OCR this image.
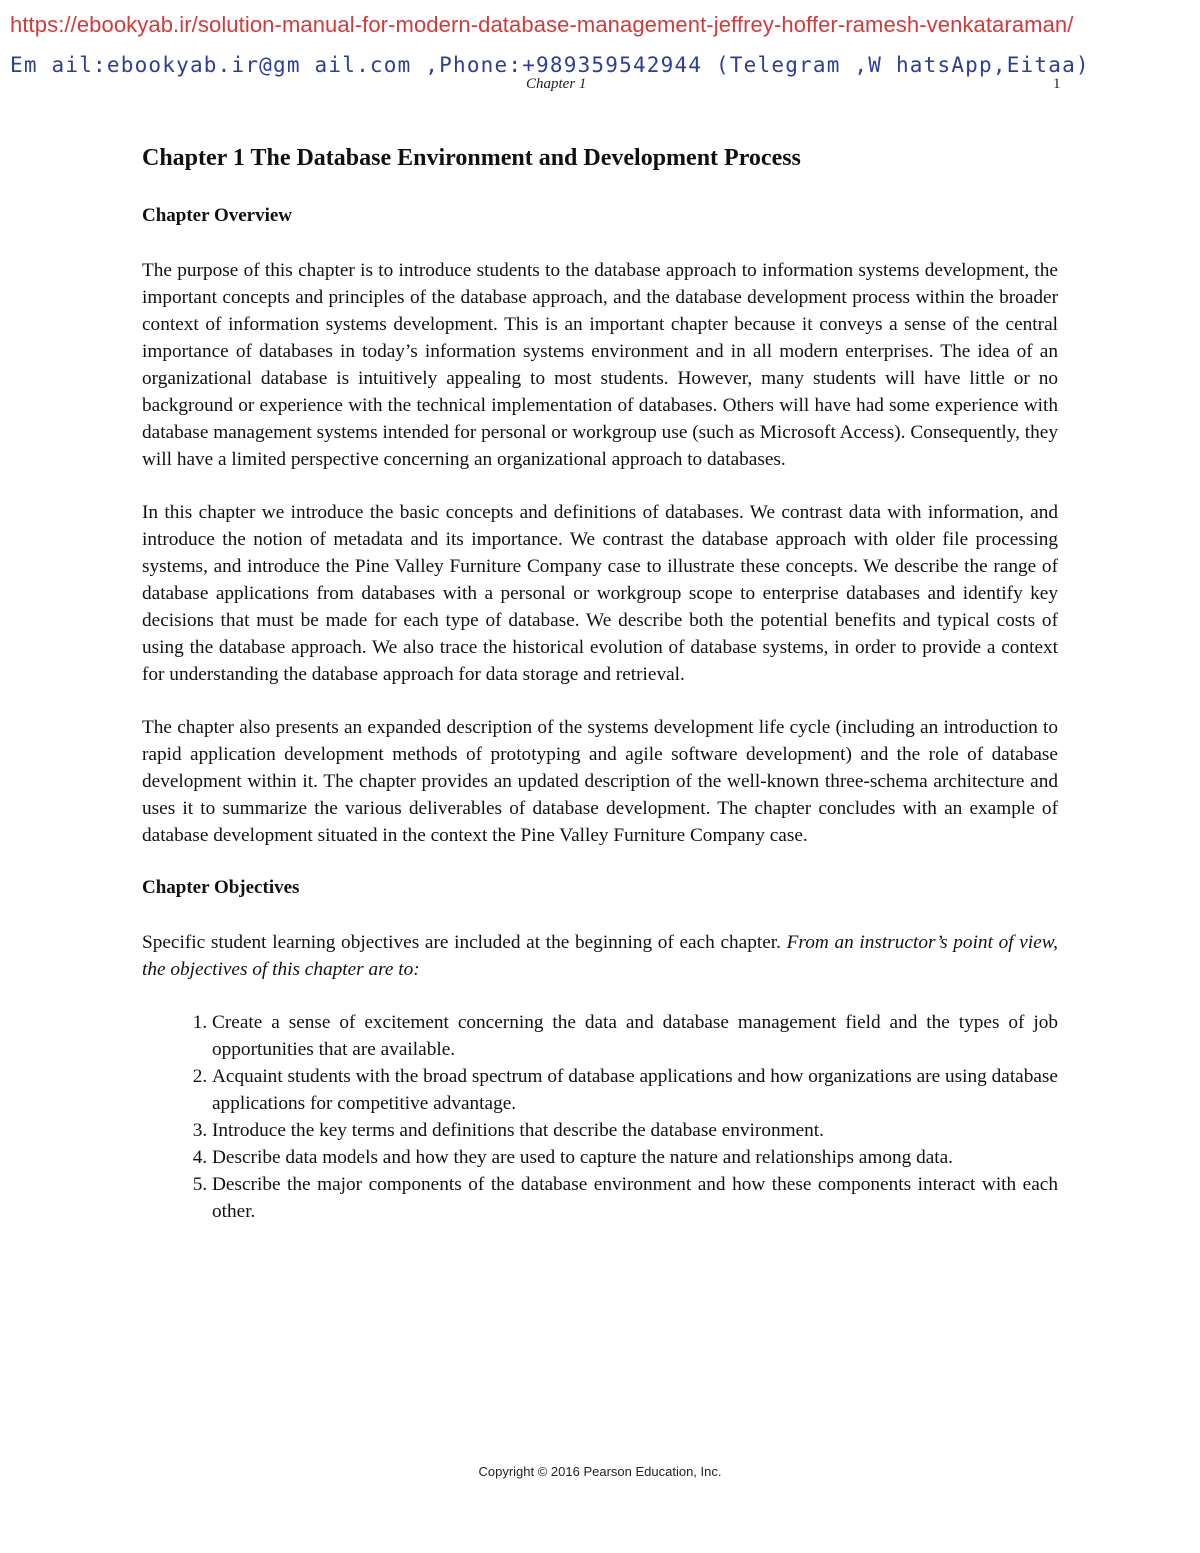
https://ebookyab.ir/solution-manual-for-modern-database-management-jeffrey-hoffer-ramesh-venkataraman/
Em ail:ebookyab.ir@gm ail.com ,Phone:+989359542944 (Telegram ,W hatsApp,Eitaa)
Chapter 1	1
Chapter 1 The Database Environment and Development Process
Chapter Overview

The purpose of this chapter is to introduce students to the database approach to information systems development, the important concepts and principles of the database approach, and the database development process within the broader context of information systems development. This is an important chapter because it conveys a sense of the central importance of databases in today’s information systems environment and in all modern enterprises. The idea of an organizational database is intuitively appealing to most students. However, many students will have little or no background or experience with the technical implementation of databases. Others will have had some experience with database management systems intended for personal or workgroup use (such as Microsoft Access). Consequently, they will have a limited perspective concerning an organizational approach to databases.

In this chapter we introduce the basic concepts and definitions of databases. We contrast data with information, and introduce the notion of metadata and its importance. We contrast the database approach with older file processing systems, and introduce the Pine Valley Furniture Company case to illustrate these concepts. We describe the range of database applications from databases with a personal or workgroup scope to enterprise databases and identify key decisions that must be made for each type of database. We describe both the potential benefits and typical costs of using the database approach. We also trace the historical evolution of database systems, in order to provide a context for understanding the database approach for data storage and retrieval.

The chapter also presents an expanded description of the systems development life cycle (including an introduction to rapid application development methods of prototyping and agile software development) and the role of database development within it. The chapter provides an updated description of the well-known three-schema architecture and uses it to summarize the various deliverables of database development. The chapter concludes with an example of database development situated in the context the Pine Valley Furniture Company case.

Chapter Objectives

Specific student learning objectives are included at the beginning of each chapter. From an instructor’s point of view, the objectives of this chapter are to:

1. Create a sense of excitement concerning the data and database management field and the types of job opportunities that are available.
2. Acquaint students with the broad spectrum of database applications and how organizations are using database applications for competitive advantage.
3. Introduce the key terms and definitions that describe the database environment.
4. Describe data models and how they are used to capture the nature and relationships among data.
5. Describe the major components of the database environment and how these components interact with each other.
Copyright © 2016 Pearson Education, Inc.
